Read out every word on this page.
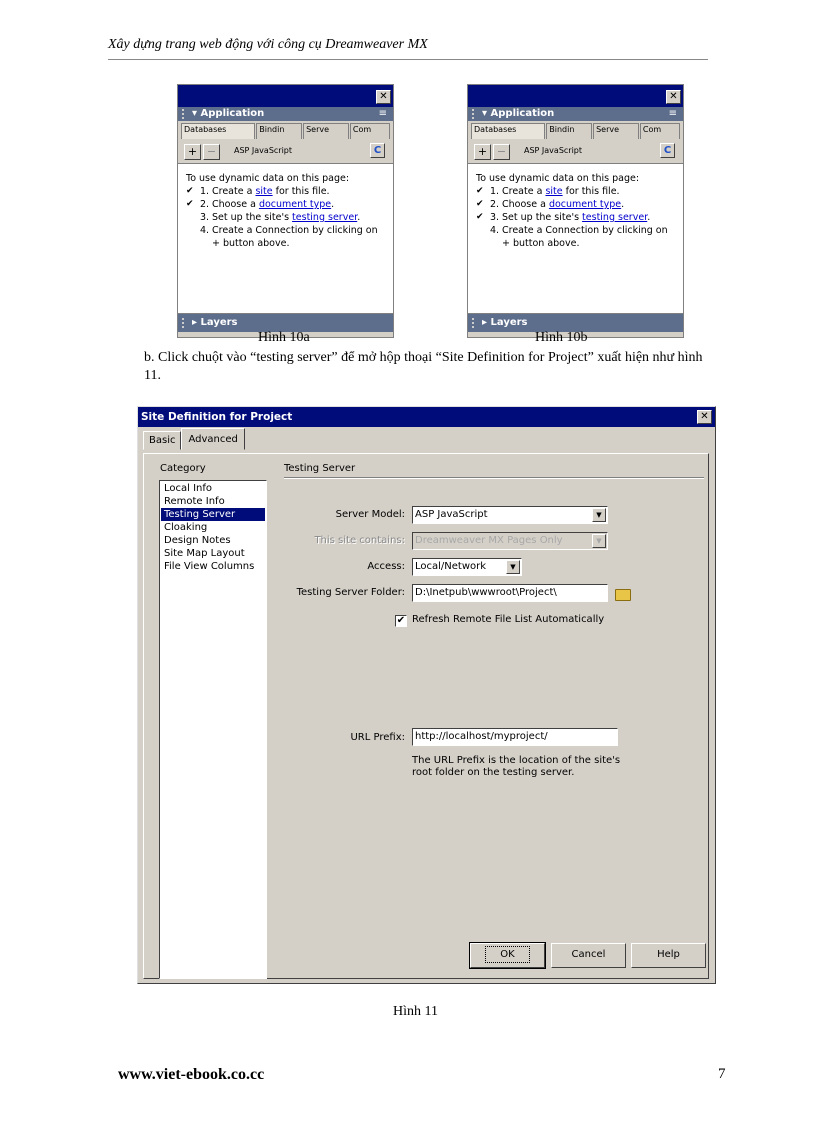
Xây dựng trang web động với công cụ Dreamweaver MX
✕
▾ Application	≡
Databases	Bindin	Serve	Com
+ −	ASP JavaScript	C
To use dynamic data on this page:
✔ 1. Create a site for this file.
✔ 2. Choose a document type.
3. Set up the site's testing server.
4. Create a Connection by clicking on + button above.
▸ Layers
Hình 10a
✕
▾ Application	≡
Databases	Bindin	Serve	Com
+ −	ASP JavaScript	C
To use dynamic data on this page:
✔ 1. Create a site for this file.
✔ 2. Choose a document type.
✔ 3. Set up the site's testing server.
4. Create a Connection by clicking on + button above.
▸ Layers
Hình 10b
b. Click chuột vào “testing server” để mở hộp thoại “Site Definition for Project” xuất hiện như hình 11.
Site Definition for Project	✕
Basic	Advanced
Category
Local Info
Remote Info
Testing Server
Cloaking
Design Notes
Site Map Layout
File View Columns
Testing Server
Server Model:	ASP JavaScript	▼
This site contains:	Dreamweaver MX Pages Only	▼
Access:	Local/Network	▼
Testing Server Folder:	D:\Inetpub\wwwroot\Project\
✔ Refresh Remote File List Automatically
URL Prefix:	http://localhost/myproject/
The URL Prefix is the location of the site's root folder on the testing server.
OK	Cancel	Help
Hình 11
www.viet-ebook.co.cc	7
